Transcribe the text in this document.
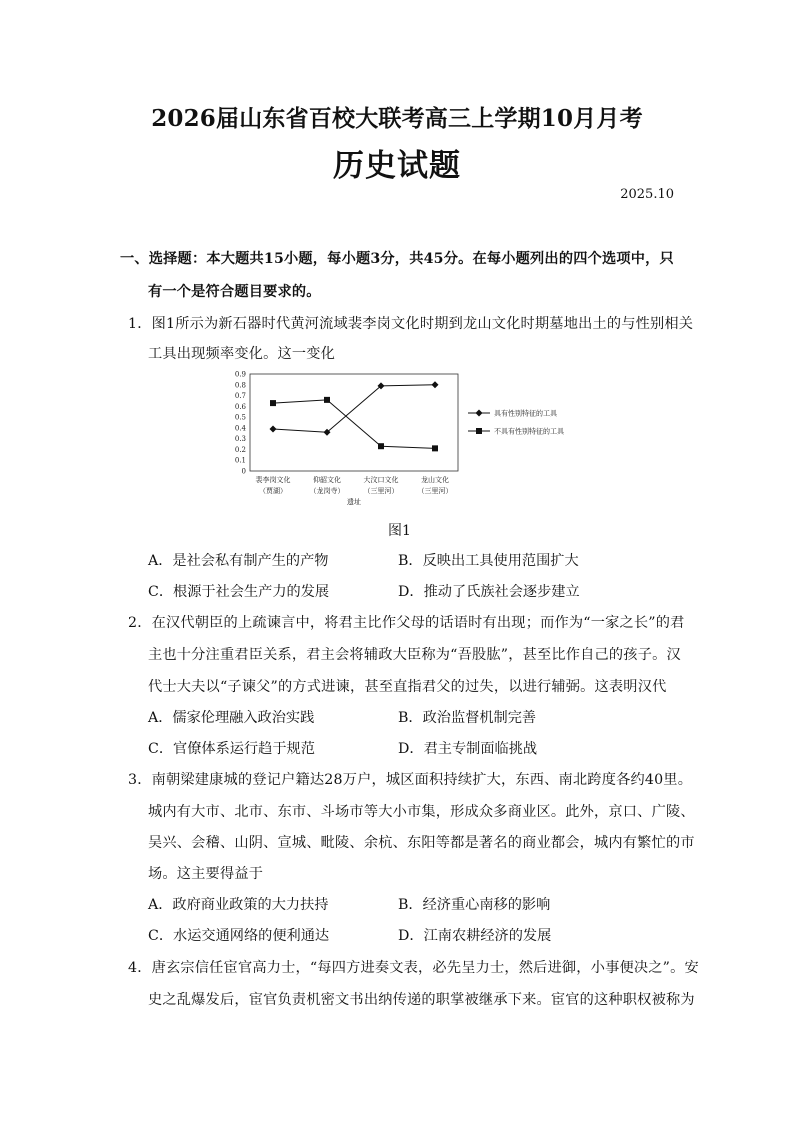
2026届山东省百校大联考高三上学期10月月考
历史试题
2025.10
一、选择题：本大题共15小题，每小题3分，共45分。在每小题列出的四个选项中，只
有一个是符合题目要求的。
1．图1所示为新石器时代黄河流域裴李岗文化时期到龙山文化时期墓地出土的与性别相关
工具出现频率变化。这一变化
0
0.1
0.2
0.3
0.4
0.5
0.6
0.7
0.8
0.9
裴李岗文化
（贾湖）
仰韶文化
（龙岗寺）
大汶口文化
（三里河）
龙山文化
（三里河）
遗址
具有性别特征的工具
不具有性别特征的工具
图1
A．是社会私有制产生的产物	B．反映出工具使用范围扩大
C．根源于社会生产力的发展	D．推动了氏族社会逐步建立
2．在汉代朝臣的上疏谏言中，将君主比作父母的话语时有出现；而作为“一家之长”的君
主也十分注重君臣关系，君主会将辅政大臣称为“吾股肱”，甚至比作自己的孩子。汉
代士大夫以“子谏父”的方式进谏，甚至直指君父的过失，以进行辅弼。这表明汉代
A．儒家伦理融入政治实践	B．政治监督机制完善
C．官僚体系运行趋于规范	D．君主专制面临挑战
3．南朝梁建康城的登记户籍达28万户，城区面积持续扩大，东西、南北跨度各约40里。
城内有大市、北市、东市、斗场市等大小市集，形成众多商业区。此外，京口、广陵、
吴兴、会稽、山阴、宣城、毗陵、余杭、东阳等都是著名的商业都会，城内有繁忙的市
场。这主要得益于
A．政府商业政策的大力扶持	B．经济重心南移的影响
C．水运交通网络的便利通达	D．江南农耕经济的发展
4．唐玄宗信任宦官高力士，“每四方进奏文表，必先呈力士，然后进御，小事便决之”。安
史之乱爆发后，宦官负责机密文书出纳传递的职掌被继承下来。宦官的这种职权被称为
